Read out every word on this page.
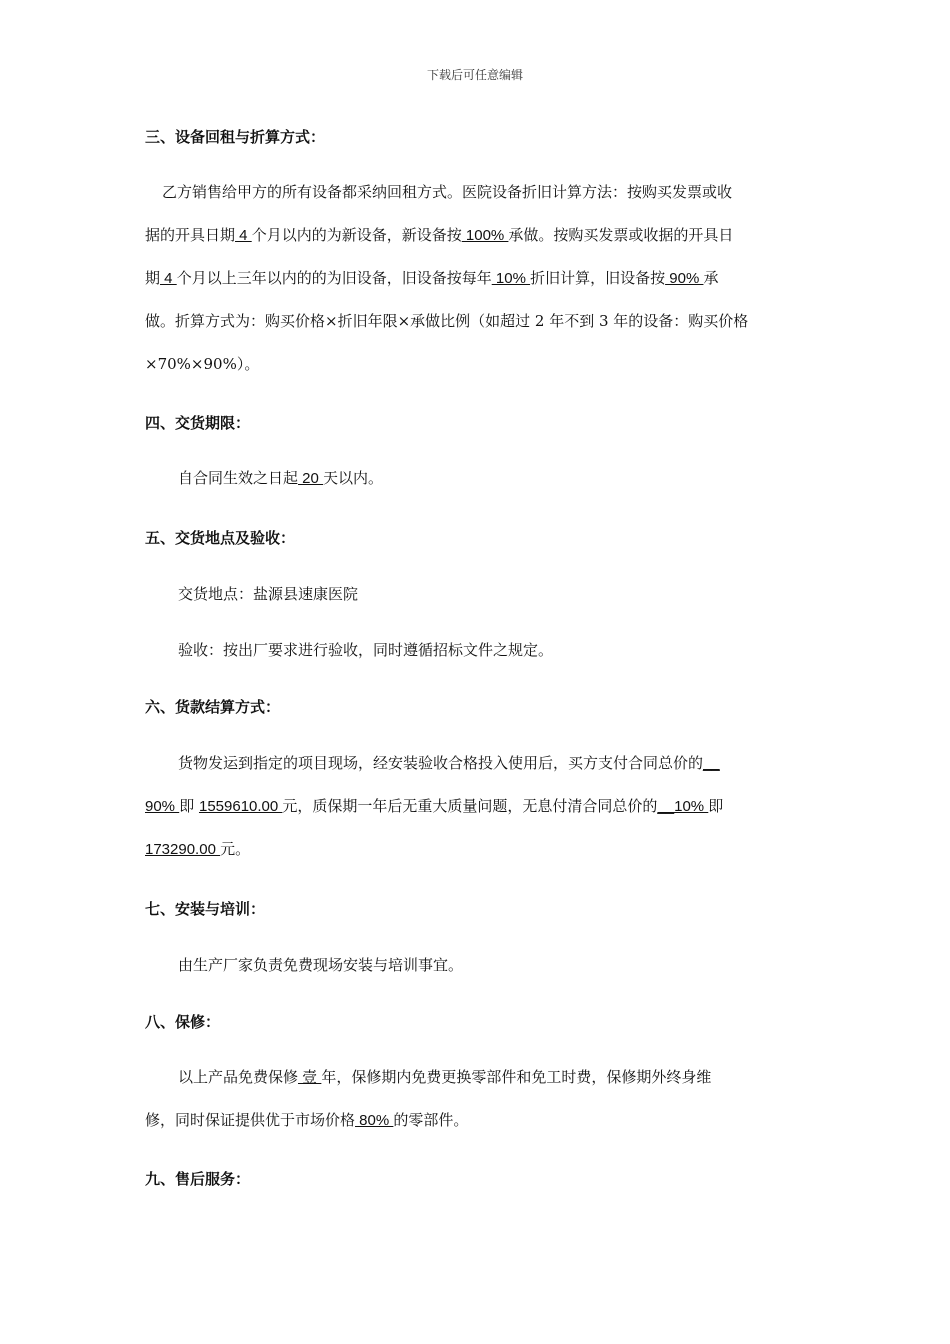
下载后可任意编辑
三、设备回租与折算方式：
乙方销售给甲方的所有设备都采纳回租方式。医院设备折旧计算方法：按购买发票或收
据的开具日期 4 个月以内的为新设备，新设备按 100% 承做。按购买发票或收据的开具日
期 4 个月以上三年以内的的为旧设备，旧设备按每年 10% 折旧计算，旧设备按 90% 承
做。折算方式为：购买价格×折旧年限×承做比例（如超过 2 年不到 3 年的设备：购买价格
×70%×90%）。
四、交货期限：
自合同生效之日起 20 天以内。
五、交货地点及验收：
交货地点：盐源县速康医院
验收：按出厂要求进行验收，同时遵循招标文件之规定。
六、货款结算方式：
货物发运到指定的项目现场，经安装验收合格投入使用后，买方支付合同总价的__
90% 即 1559610.00 元，质保期一年后无重大质量问题，无息付清合同总价的__10% 即
173290.00 元。
七、安装与培训：
由生产厂家负责免费现场安装与培训事宜。
八、保修：
以上产品免费保修 壹 年，保修期内免费更换零部件和免工时费，保修期外终身维
修，同时保证提供优于市场价格 80% 的零部件。
九、售后服务：
